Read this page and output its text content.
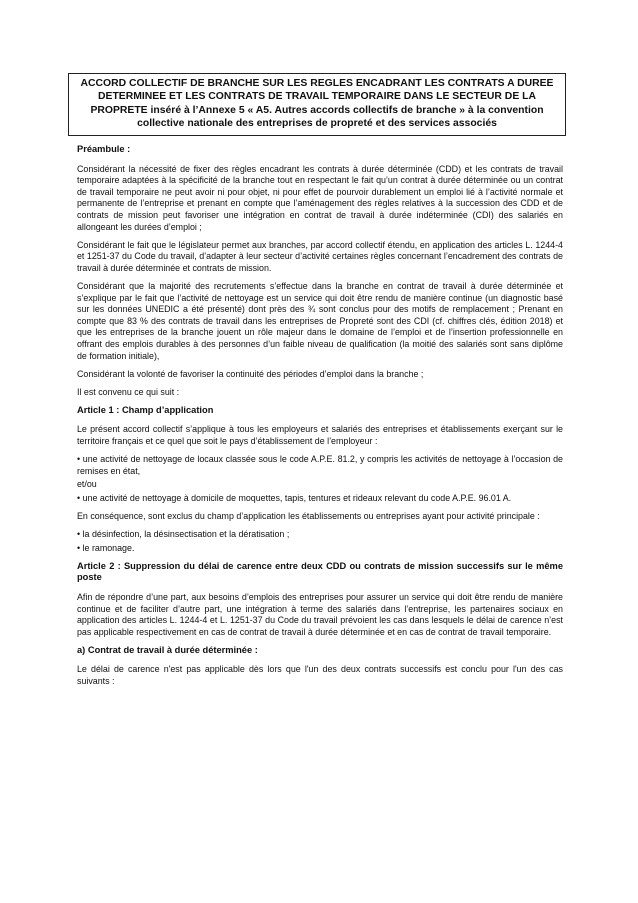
ACCORD COLLECTIF DE BRANCHE SUR LES REGLES ENCADRANT LES CONTRATS A DUREE DETERMINEE ET LES CONTRATS DE TRAVAIL TEMPORAIRE DANS LE SECTEUR DE LA PROPRETE inséré à l’Annexe 5 « A5. Autres accords collectifs de branche » à la convention collective nationale des entreprises de propreté et des services associés

Préambule :

Considérant la nécessité de fixer des règles encadrant les contrats à durée déterminée (CDD) et les contrats de travail temporaire adaptées à la spécificité de la branche tout en respectant le fait qu’un contrat à durée déterminée ou un contrat de travail temporaire ne peut avoir ni pour objet, ni pour effet de pourvoir durablement un emploi lié à l’activité normale et permanente de l’entreprise et prenant en compte que l’aménagement des règles relatives à la succession des CDD et de contrats de mission peut favoriser une intégration en contrat de travail à durée indéterminée (CDI) des salariés en allongeant les durées d’emploi ;

Considérant le fait que le législateur permet aux branches, par accord collectif étendu, en application des articles L. 1244-4 et 1251-37 du Code du travail, d’adapter à leur secteur d’activité certaines règles concernant l’encadrement des contrats de travail à durée déterminée et contrats de mission.

Considérant que la majorité des recrutements s’effectue dans la branche en contrat de travail à durée déterminée et s’explique par le fait que l’activité de nettoyage est un service qui doit être rendu de manière continue (un diagnostic basé sur les données UNEDIC a été présenté) dont près des ¾ sont conclus pour des motifs de remplacement ; Prenant en compte que 83 % des contrats de travail dans les entreprises de Propreté sont des CDI (cf. chiffres clés, édition 2018) et que les entreprises de la branche jouent un rôle majeur dans le domaine de l’emploi et de l’insertion professionnelle en offrant des emplois durables à des personnes d’un faible niveau de qualification (la moitié des salariés sont sans diplôme de formation initiale),

Considérant la volonté de favoriser la continuité des périodes d’emploi dans la branche ;

Il est convenu ce qui suit :

Article 1 : Champ d’application

Le présent accord collectif s’applique à tous les employeurs et salariés des entreprises et établissements exerçant sur le territoire français et ce quel que soit le pays d’établissement de l’employeur :

• une activité de nettoyage de locaux classée sous le code A.P.E. 81.2, y compris les activités de nettoyage à l’occasion de remises en état,

et/ou

• une activité de nettoyage à domicile de moquettes, tapis, tentures et rideaux relevant du code A.P.E. 96.01 A.

En conséquence, sont exclus du champ d’application les établissements ou entreprises ayant pour activité principale :

• la désinfection, la désinsectisation et la dératisation ;

• le ramonage.

Article 2 : Suppression du délai de carence entre deux CDD ou contrats de mission successifs sur le même poste

Afin de répondre d’une part, aux besoins d’emplois des entreprises pour assurer un service qui doit être rendu de manière continue et de faciliter d’autre part, une intégration à terme des salariés dans l’entreprise, les partenaires sociaux en application des articles L. 1244-4 et L. 1251-37 du Code du travail prévoient les cas dans lesquels le délai de carence n’est pas applicable respectivement en cas de contrat de travail à durée déterminée et en cas de contrat de travail temporaire.

a) Contrat de travail à durée déterminée :

Le délai de carence n'est pas applicable dès lors que l'un des deux contrats successifs est conclu pour l'un des cas suivants :
